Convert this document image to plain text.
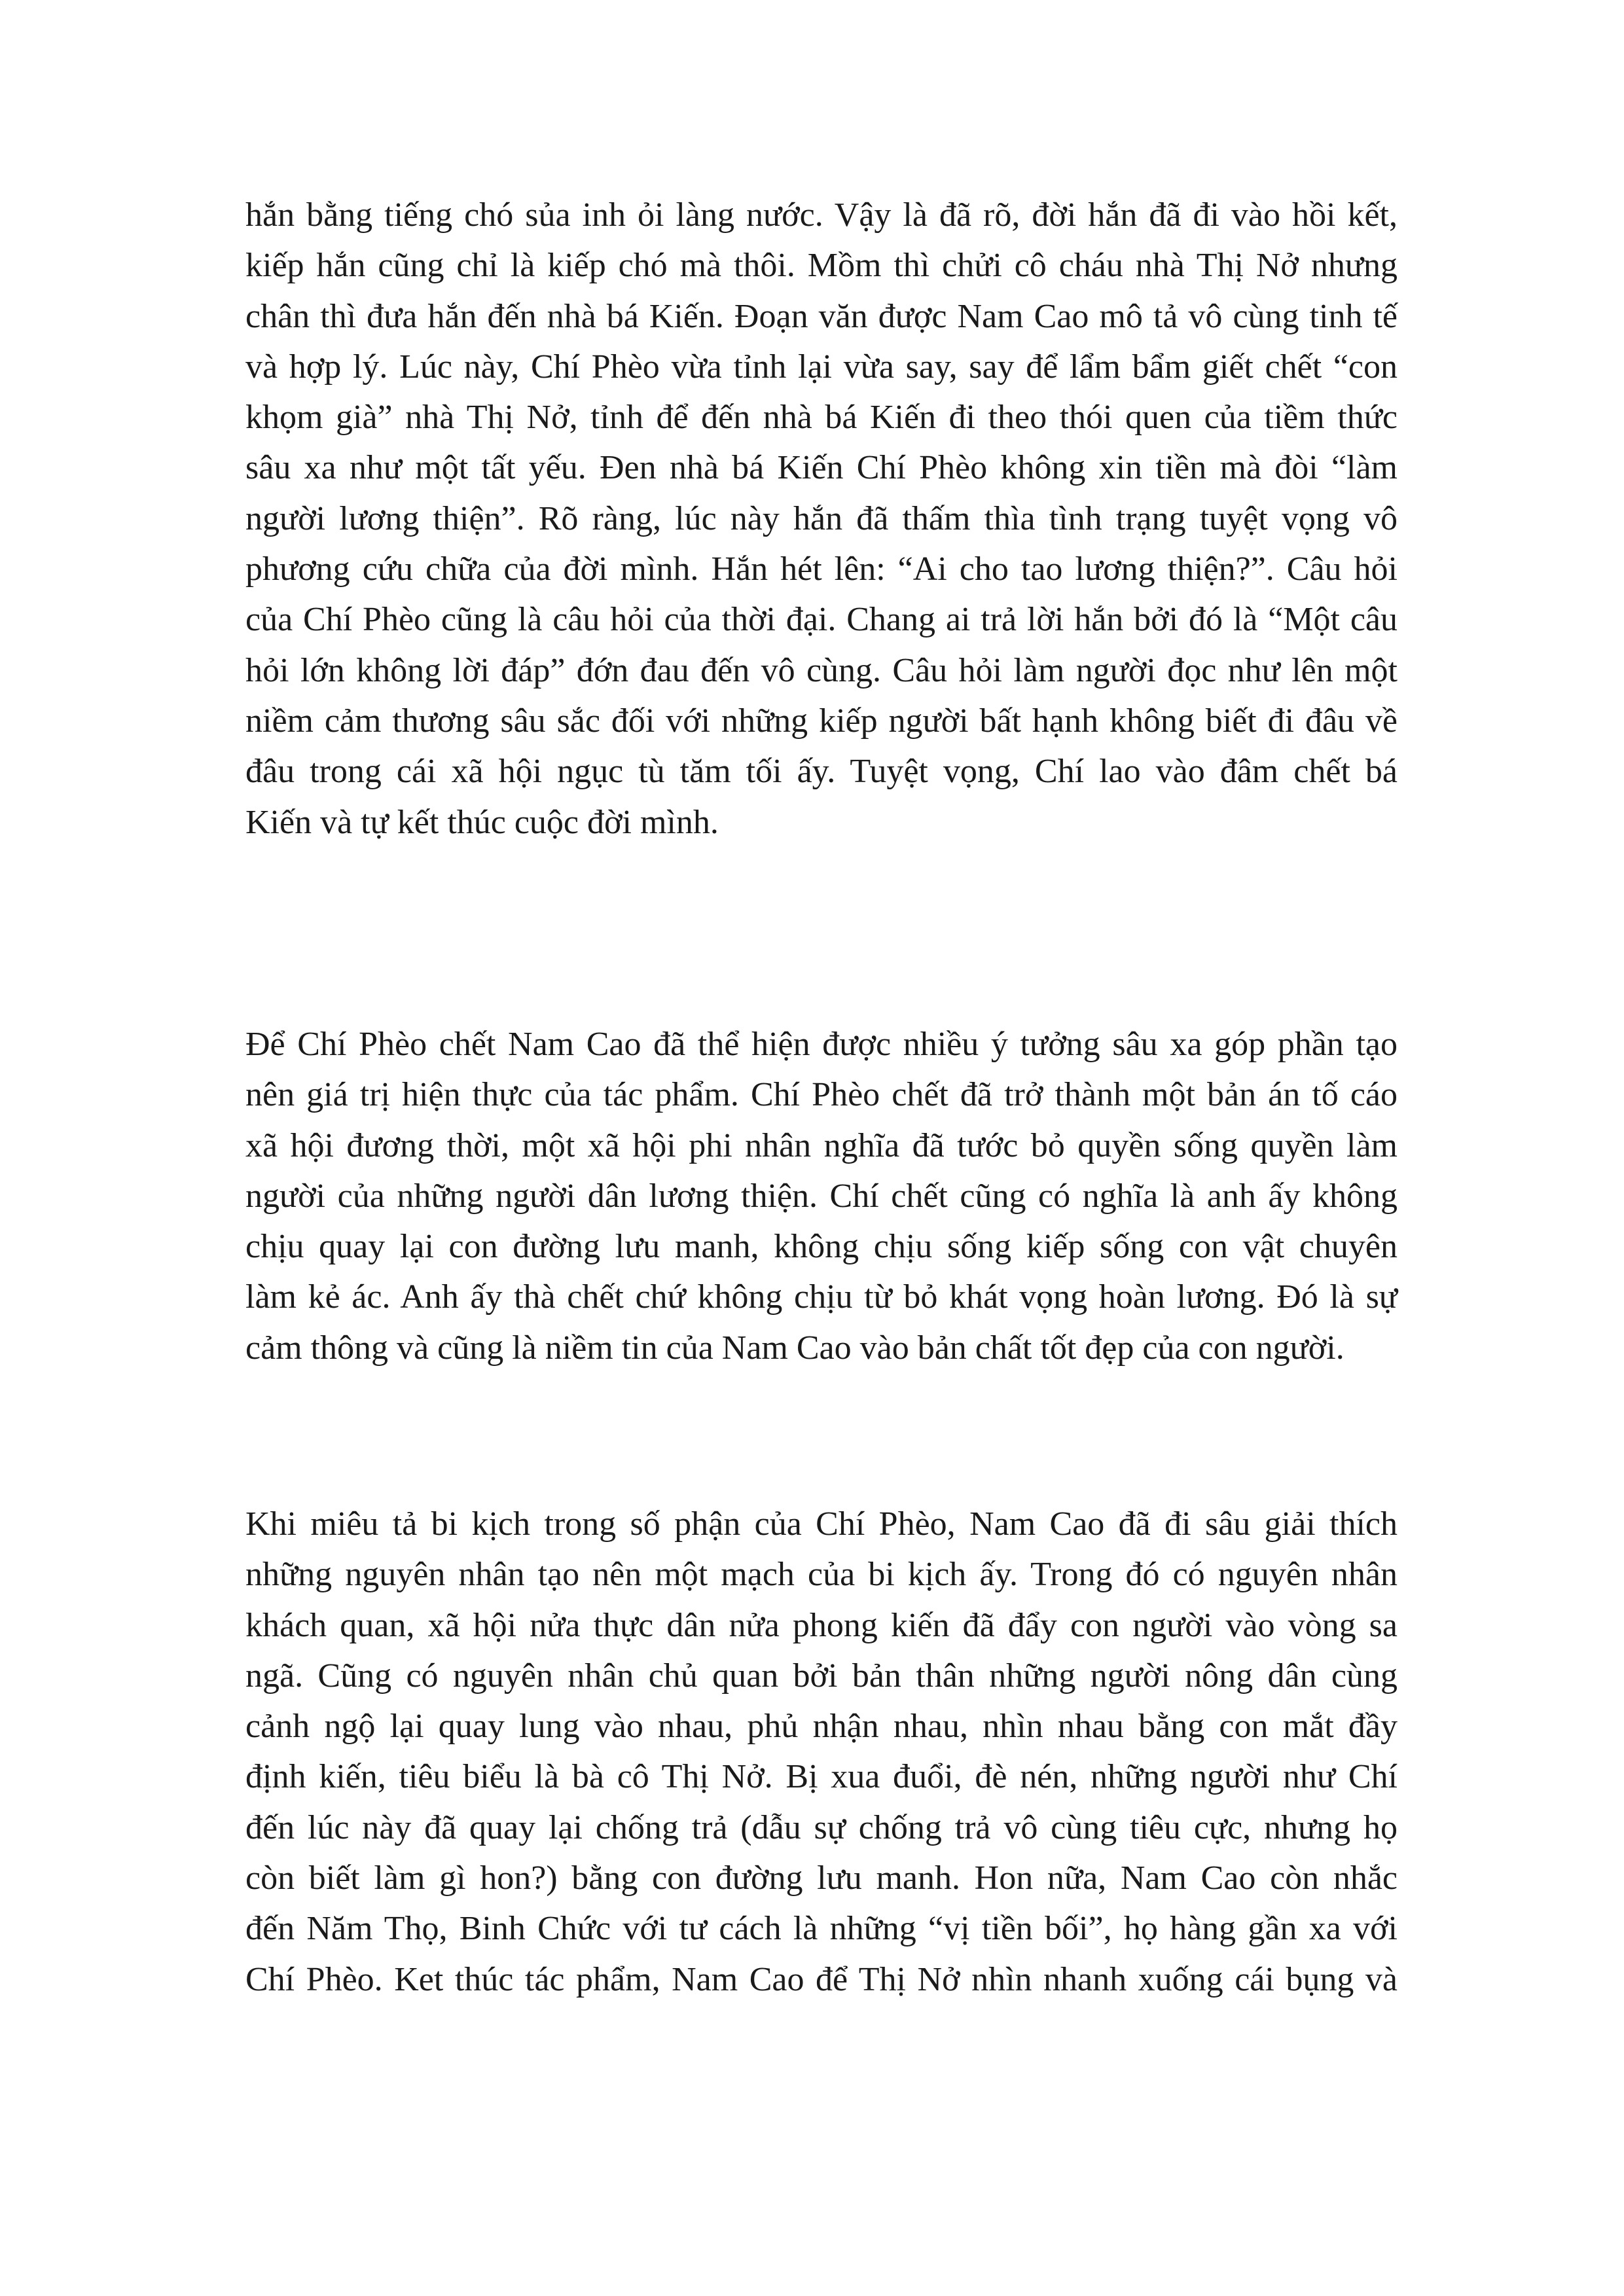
hắn bằng tiếng chó sủa inh ỏi làng nước. Vậy là đã rõ, đời hắn đã đi vào hồi kết,
kiếp hắn cũng chỉ là kiếp chó mà thôi. Mồm thì chửi cô cháu nhà Thị Nở nhưng
chân thì đưa hắn đến nhà bá Kiến. Đoạn văn được Nam Cao mô tả vô cùng tinh tế
và hợp lý. Lúc này, Chí Phèo vừa tỉnh lại vừa say, say để lẩm bẩm giết chết “con
khọm già” nhà Thị Nở, tỉnh để đến nhà bá Kiến đi theo thói quen của tiềm thức
sâu xa như một tất yếu. Đen nhà bá Kiến Chí Phèo không xin tiền mà đòi “làm
người lương thiện”. Rõ ràng, lúc này hắn đã thấm thìa tình trạng tuyệt vọng vô
phương cứu chữa của đời mình. Hắn hét lên: “Ai cho tao lương thiện?”. Câu hỏi
của Chí Phèo cũng là câu hỏi của thời đại. Chang ai trả lời hắn bởi đó là “Một câu
hỏi lớn không lời đáp” đớn đau đến vô cùng. Câu hỏi làm người đọc như lên một
niềm cảm thương sâu sắc đối với những kiếp người bất hạnh không biết đi đâu về
đâu trong cái xã hội ngục tù tăm tối ấy. Tuyệt vọng, Chí lao vào đâm chết bá
Kiến và tự kết thúc cuộc đời mình.
Để Chí Phèo chết Nam Cao đã thể hiện được nhiều ý tưởng sâu xa góp phần tạo
nên giá trị hiện thực của tác phẩm. Chí Phèo chết đã trở thành một bản án tố cáo
xã hội đương thời, một xã hội phi nhân nghĩa đã tước bỏ quyền sống quyền làm
người của những người dân lương thiện. Chí chết cũng có nghĩa là anh ấy không
chịu quay lại con đường lưu manh, không chịu sống kiếp sống con vật chuyên
làm kẻ ác. Anh ấy thà chết chứ không chịu từ bỏ khát vọng hoàn lương. Đó là sự
cảm thông và cũng là niềm tin của Nam Cao vào bản chất tốt đẹp của con người.
Khi miêu tả bi kịch trong số phận của Chí Phèo, Nam Cao đã đi sâu giải thích
những nguyên nhân tạo nên một mạch của bi kịch ấy. Trong đó có nguyên nhân
khách quan, xã hội nửa thực dân nửa phong kiến đã đẩy con người vào vòng sa
ngã. Cũng có nguyên nhân chủ quan bởi bản thân những người nông dân cùng
cảnh ngộ lại quay lung vào nhau, phủ nhận nhau, nhìn nhau bằng con mắt đầy
định kiến, tiêu biểu là bà cô Thị Nở. Bị xua đuổi, đè nén, những người như Chí
đến lúc này đã quay lại chống trả (dẫu sự chống trả vô cùng tiêu cực, nhưng họ
còn biết làm gì hon?) bằng con đường lưu manh. Hon nữa, Nam Cao còn nhắc
đến Năm Thọ, Binh Chức với tư cách là những “vị tiền bối”, họ hàng gần xa với
Chí Phèo. Ket thúc tác phẩm, Nam Cao để Thị Nở nhìn nhanh xuống cái bụng và
